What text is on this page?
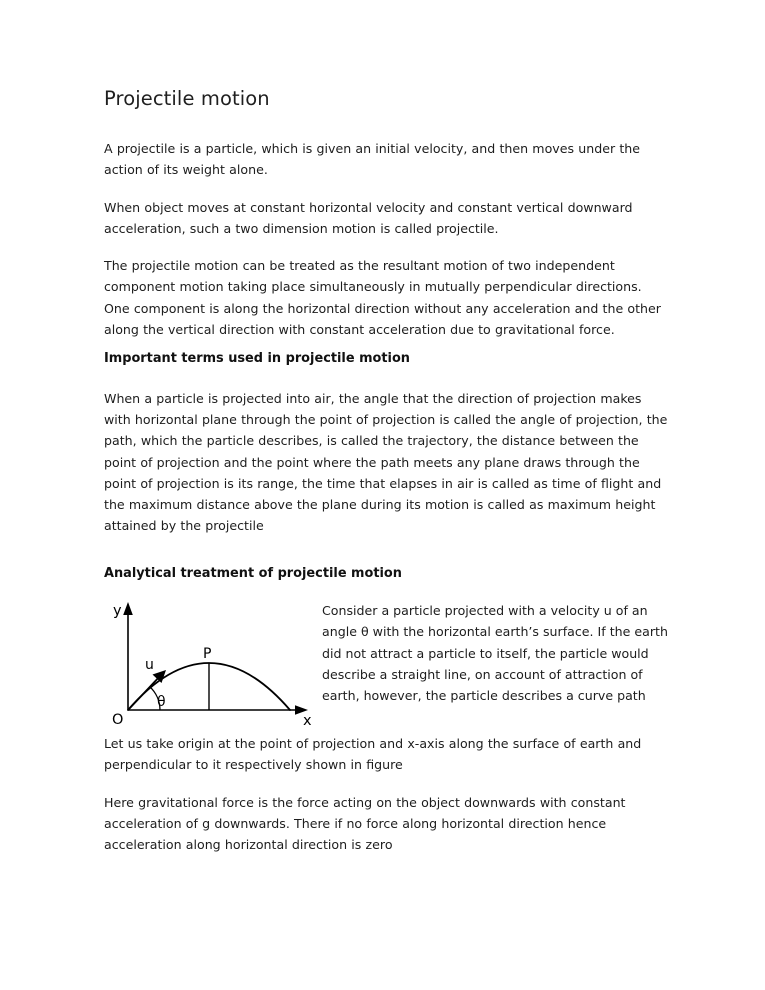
Projectile motion

A projectile is a particle, which is given an initial velocity, and then moves under the action of its weight alone.

When object moves at constant horizontal velocity and constant vertical downward acceleration, such a two dimension motion is called projectile.

The projectile motion can be treated as the resultant motion of two independent component motion taking place simultaneously in mutually perpendicular directions. One component is along the horizontal direction without any acceleration and the other along the vertical direction with constant acceleration due to gravitational force.

Important terms used in projectile motion

When a particle is projected into air, the angle that the direction of projection makes with horizontal plane through the point of projection is called the angle of projection, the path, which the particle describes, is called the trajectory, the distance between the point of projection and the point where the path meets any plane draws through the point of projection is its range, the time that elapses in air is called as time of flight and the maximum distance above the plane during its motion is called as maximum height attained by the projectile

Analytical treatment of projectile motion
y
x
O
u
θ
P

Consider a particle projected with a velocity u of an angle θ with the horizontal earth’s surface. If the earth did not attract a particle to itself, the particle would describe a straight line, on account of attraction of earth, however, the particle describes a curve path

Let us take origin at the point of projection and x-axis along the surface of earth and perpendicular to it respectively shown in figure

Here gravitational force is the force acting on the object downwards with constant acceleration of g downwards. There if no force along horizontal direction hence acceleration along horizontal direction is zero
